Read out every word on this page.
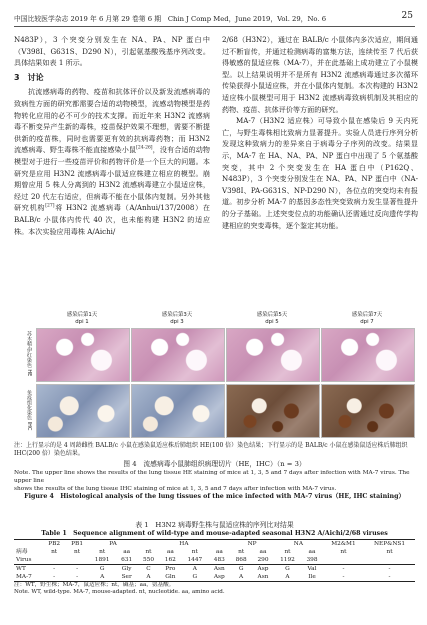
中国比较医学杂志 2019 年 6 月第 29 卷第 6 期　Chin J Comp Med，June 2019，Vol. 29，No. 6	25

N483P），3 个突变分别发生在 NA、PA、NP 蛋白中（V398I、G631S、D290 N），引起氨基酸残基序列改变。具体结果如表 1 所示。

3　讨论

抗流感病毒的药物、疫苗和抗体评价以及新发流感病毒的致病性方面的研究都需要合适的动物模型，流感动物模型是药物转化应用的必不可少的技术支撑。而近年来 H3N2 流感病毒不断变异产生新的毒株，疫苗保护效果不理想，需要不断提供新的疫苗株，同时也需要更有效的抗病毒药物；而 H3N2 流感病毒、野生毒株不能直接感染小鼠[24-26]，没有合适的动物模型对于进行一些疫苗评价和药物评价是一个巨大的问题。本研究是应用 H3N2 流感病毒小鼠适应株建立相应的模型。崩期曾应用 5 株人分离到的 H3N2 流感病毒建立小鼠适应株，经过 20 代左右适应，但病毒不能在小鼠体内复制。另外其他研究机构[27]将 H3N2 流感病毒（A/Anhui/137/2008）在 BALB/c 小鼠体内传代 40 次，也未能构建 H3N2 的适应株。本次实验应用毒株 A/Aichi/

2/68（H3N2），通过在 BALB/c 小鼠体内多次适应，期间通过不断盲传，并通过检测病毒的富集方法，连续传至 7 代后获得敏感的鼠适应株（MA-7），并在此基础上成功建立了小鼠模型。以上结果说明并不是所有 H3N2 流感病毒通过多次循环传染获得小鼠适应株，并在小鼠体内复制。本次构建的 H3N2 适应株小鼠模型可用于 H3N2 流感病毒致病机制及其相应的药物、疫苗、抗体评价等方面的研究。

MA-7（H3N2 适应株）可导致小鼠在感染后 9 天内死亡，与野生毒株相比致病力显著提升。实验人员进行序列分析发现这种致病力的差异来自于病毒分子序列的改变。结果显示，MA-7 在 HA、NA、PA、NP 蛋白中出现了 5 个氨基酸突变，其中 2 个突变发生在 HA 蛋白中（P162Q、N483P），3 个突变分别发生在 NA、PA、NP 蛋白中（NA-V398I、PA-G631S、NP-D290 N），各位点的突变均未有报道。初步分析 MA-7 的基因多态性突变致病力发生显著性提升的分子基础。上述突变位点的功能确认还需通过反向遗传学构建相应的突变毒株，逐个鉴定其功能。

感染后第1天
dpi 1
感染后第3天
dpi 3
感染后第5天
dpi 5
感染后第7天
dpi 7
苏木精-伊红染色 HE
免疫组化染色 IHC
注：上行显示的是 4 周龄雌性 BALB/c 小鼠在感染鼠适应株后肺组织 HE(100 倍）染色结果；下行显示的是 BALB/c 小鼠在感染鼠适应株后肺组织 IHC(200 倍）染色结果。
图 4　流感病毒小鼠肺组织病理切片（HE，IHC）（n = 3）
Note. The upper line shows the results of the lung tissue HE staining of mice at 1, 3, 5 and 7 days after infection with MA-7 virus. The upper line
shows the results of the lung tissue IHC staining of mice at 1, 3, 5 and 7 days after infection with MA-7 virus.
Figure 4　Histological analysis of the lung tissues of the mice infected with MA-7 virus（HE, IHC staining）
表 1　H3N2 病毒野生株与鼠适应株的序列比对结果
Table 1　Sequence alignment of wild-type and mouse-adapted seasonal H3N2 A/Aichi/2/68 viruses
	PB2	PB1	PA		HA				NP		NA		M2&M1	NEP&NS1
病毒	nt	nt	nt	aa	nt	aa	nt	aa	nt	aa	nt	aa	nt	nt
Virus			1891	631	550	162	1447	483	868	290	1192	398		
WT	-	-	G	Gly	C	Pro	A	Asn	G	Asp	G	Val	-	-
MA-7	-	-	A	Ser	A	Gln	G	Asp	A	Asn	A	Ile	-	-
注：WT，野生株；MA-7，鼠适应株；nt，碱基；aa，氨基酸。
Note. WT, wild-type. MA-7, mouse-adapted. nt, nucleotide. aa, amino acid.
